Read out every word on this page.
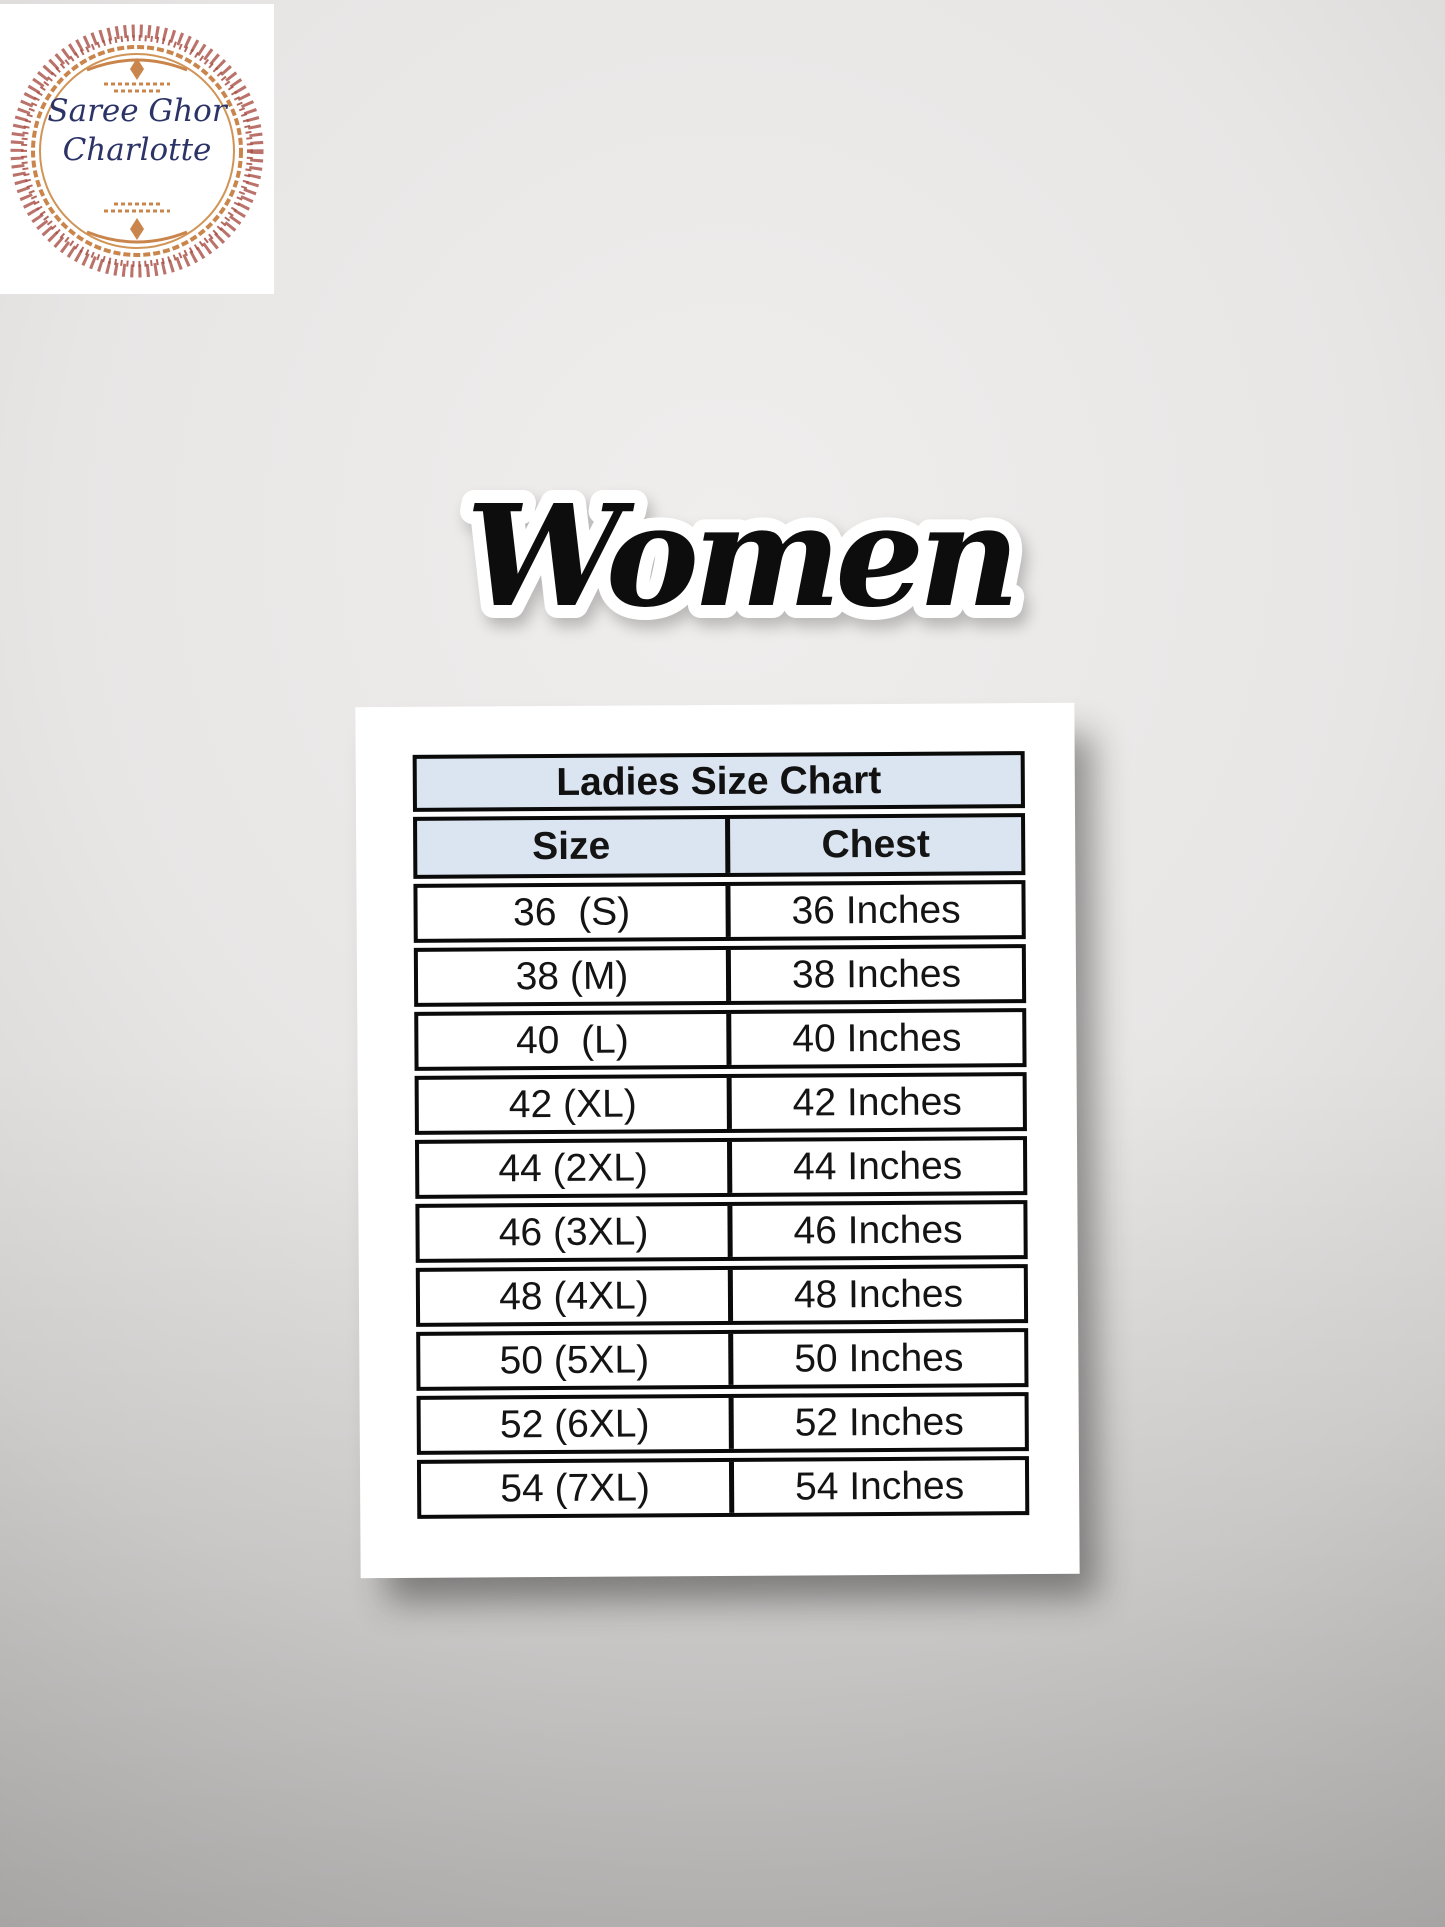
Saree Ghor
Charlotte
Women
Ladies Size Chart
Size	Chest
36  (S)	36 Inches
38 (M)	38 Inches
40  (L)	40 Inches
42 (XL)	42 Inches
44 (2XL)	44 Inches
46 (3XL)	46 Inches
48 (4XL)	48 Inches
50 (5XL)	50 Inches
52 (6XL)	52 Inches
54 (7XL)	54 Inches
